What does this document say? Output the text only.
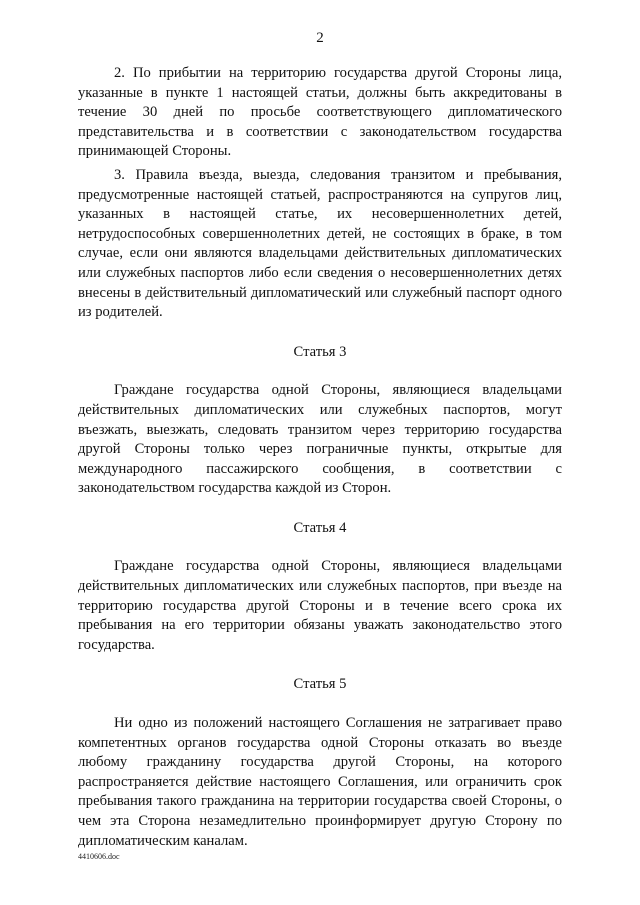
2

2. По прибытии на территорию государства другой Стороны лица, указанные в пункте 1 настоящей статьи, должны быть аккредитованы в течение 30 дней по просьбе соответствующего дипломатического представительства и в соответствии с законодательством государства принимающей Стороны.

3. Правила въезда, выезда, следования транзитом и пребывания, предусмотренные настоящей статьей, распространяются на супругов лиц, указанных в настоящей статье, их несовершеннолетних детей, нетрудоспособных совершеннолетних детей, не состоящих в браке, в том случае, если они являются владельцами действительных дипломатических или служебных паспортов либо если сведения о несовершеннолетних детях внесены в действительный дипломатический или служебный паспорт одного из родителей.

Статья 3

Граждане государства одной Стороны, являющиеся владельцами действительных дипломатических или служебных паспортов, могут въезжать, выезжать, следовать транзитом через территорию государства другой Стороны только через пограничные пункты, открытые для международного пассажирского сообщения, в соответствии с законодательством государства каждой из Сторон.

Статья 4

Граждане государства одной Стороны, являющиеся владельцами действительных дипломатических или служебных паспортов, при въезде на территорию государства другой Стороны и в течение всего срока их пребывания на его территории обязаны уважать законодательство этого государства.

Статья 5

Ни одно из положений настоящего Соглашения не затрагивает право компетентных органов государства одной Стороны отказать во въезде любому гражданину государства другой Стороны, на которого распространяется действие настоящего Соглашения, или ограничить срок пребывания такого гражданина на территории государства своей Стороны, о чем эта Сторона незамедлительно проинформирует другую Сторону по дипломатическим каналам.

4410606.doc
